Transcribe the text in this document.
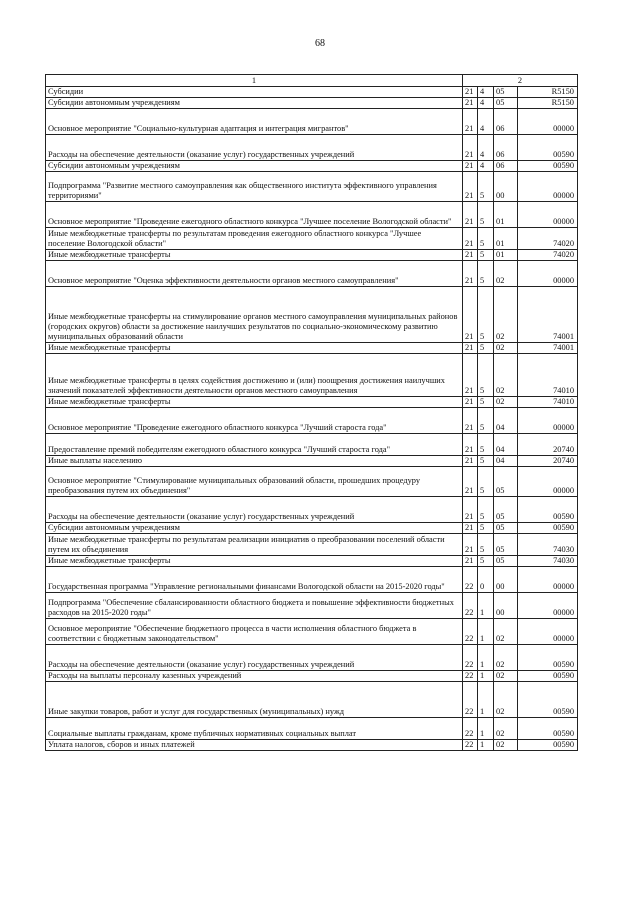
68
1	2			
Субсидии	21	4	05	R5150
Субсидии автономным учреждениям	21	4	05	R5150
Основное мероприятие "Социально-культурная адаптация и интеграция мигрантов"	21	4	06	00000
Расходы на обеспечение деятельности (оказание услуг) государственных учреждений	21	4	06	00590
Субсидии автономным учреждениям	21	4	06	00590
Подпрограмма "Развитие местного самоуправления как общественного института эффективного управления территориями"	21	5	00	00000
Основное мероприятие "Проведение ежегодного областного конкурса "Лучшее поселение Вологодской области"	21	5	01	00000
Иные межбюджетные трансферты по результатам проведения ежегодного областного конкурса "Лучшее поселение Вологодской области"	21	5	01	74020
Иные межбюджетные трансферты	21	5	01	74020
Основное мероприятие "Оценка эффективности деятельности органов местного самоуправления"	21	5	02	00000
Иные межбюджетные трансферты на стимулирование органов местного самоуправления муниципальных районов (городских округов) области за достижение наилучших результатов по социально-экономическому развитию муниципальных образований области	21	5	02	74001
Иные межбюджетные трансферты	21	5	02	74001
Иные межбюджетные трансферты в целях содействия достижению и (или) поощрения достижения наилучших значений показателей эффективности деятельности органов местного самоуправления	21	5	02	74010
Иные межбюджетные трансферты	21	5	02	74010
Основное мероприятие "Проведение ежегодного областного конкурса "Лучший староста года"	21	5	04	00000
Предоставление премий победителям ежегодного областного конкурса "Лучший староста года"	21	5	04	20740
Иные выплаты населению	21	5	04	20740
Основное мероприятие "Стимулирование муниципальных образований области, прошедших процедуру преобразования путем их объединения"	21	5	05	00000
Расходы на обеспечение деятельности (оказание услуг) государственных учреждений	21	5	05	00590
Субсидии автономным учреждениям	21	5	05	00590
Иные межбюджетные трансферты по результатам реализации инициатив о преобразовании поселений области путем их объединения	21	5	05	74030
Иные межбюджетные трансферты	21	5	05	74030
Государственная программа "Управление региональными финансами Вологодской области на 2015-2020 годы"	22	0	00	00000
Подпрограмма "Обеспечение сбалансированности областного бюджета и повышение эффективности бюджетных расходов на 2015-2020 годы"	22	1	00	00000
Основное мероприятие "Обеспечение бюджетного процесса в части исполнения областного бюджета в соответствии с бюджетным законодательством"	22	1	02	00000
Расходы на обеспечение деятельности (оказание услуг) государственных учреждений	22	1	02	00590
Расходы на выплаты персоналу казенных учреждений	22	1	02	00590
Иные закупки товаров, работ и услуг для государственных (муниципальных) нужд	22	1	02	00590
Социальные выплаты гражданам, кроме публичных нормативных социальных выплат	22	1	02	00590
Уплата налогов, сборов и иных платежей	22	1	02	00590
